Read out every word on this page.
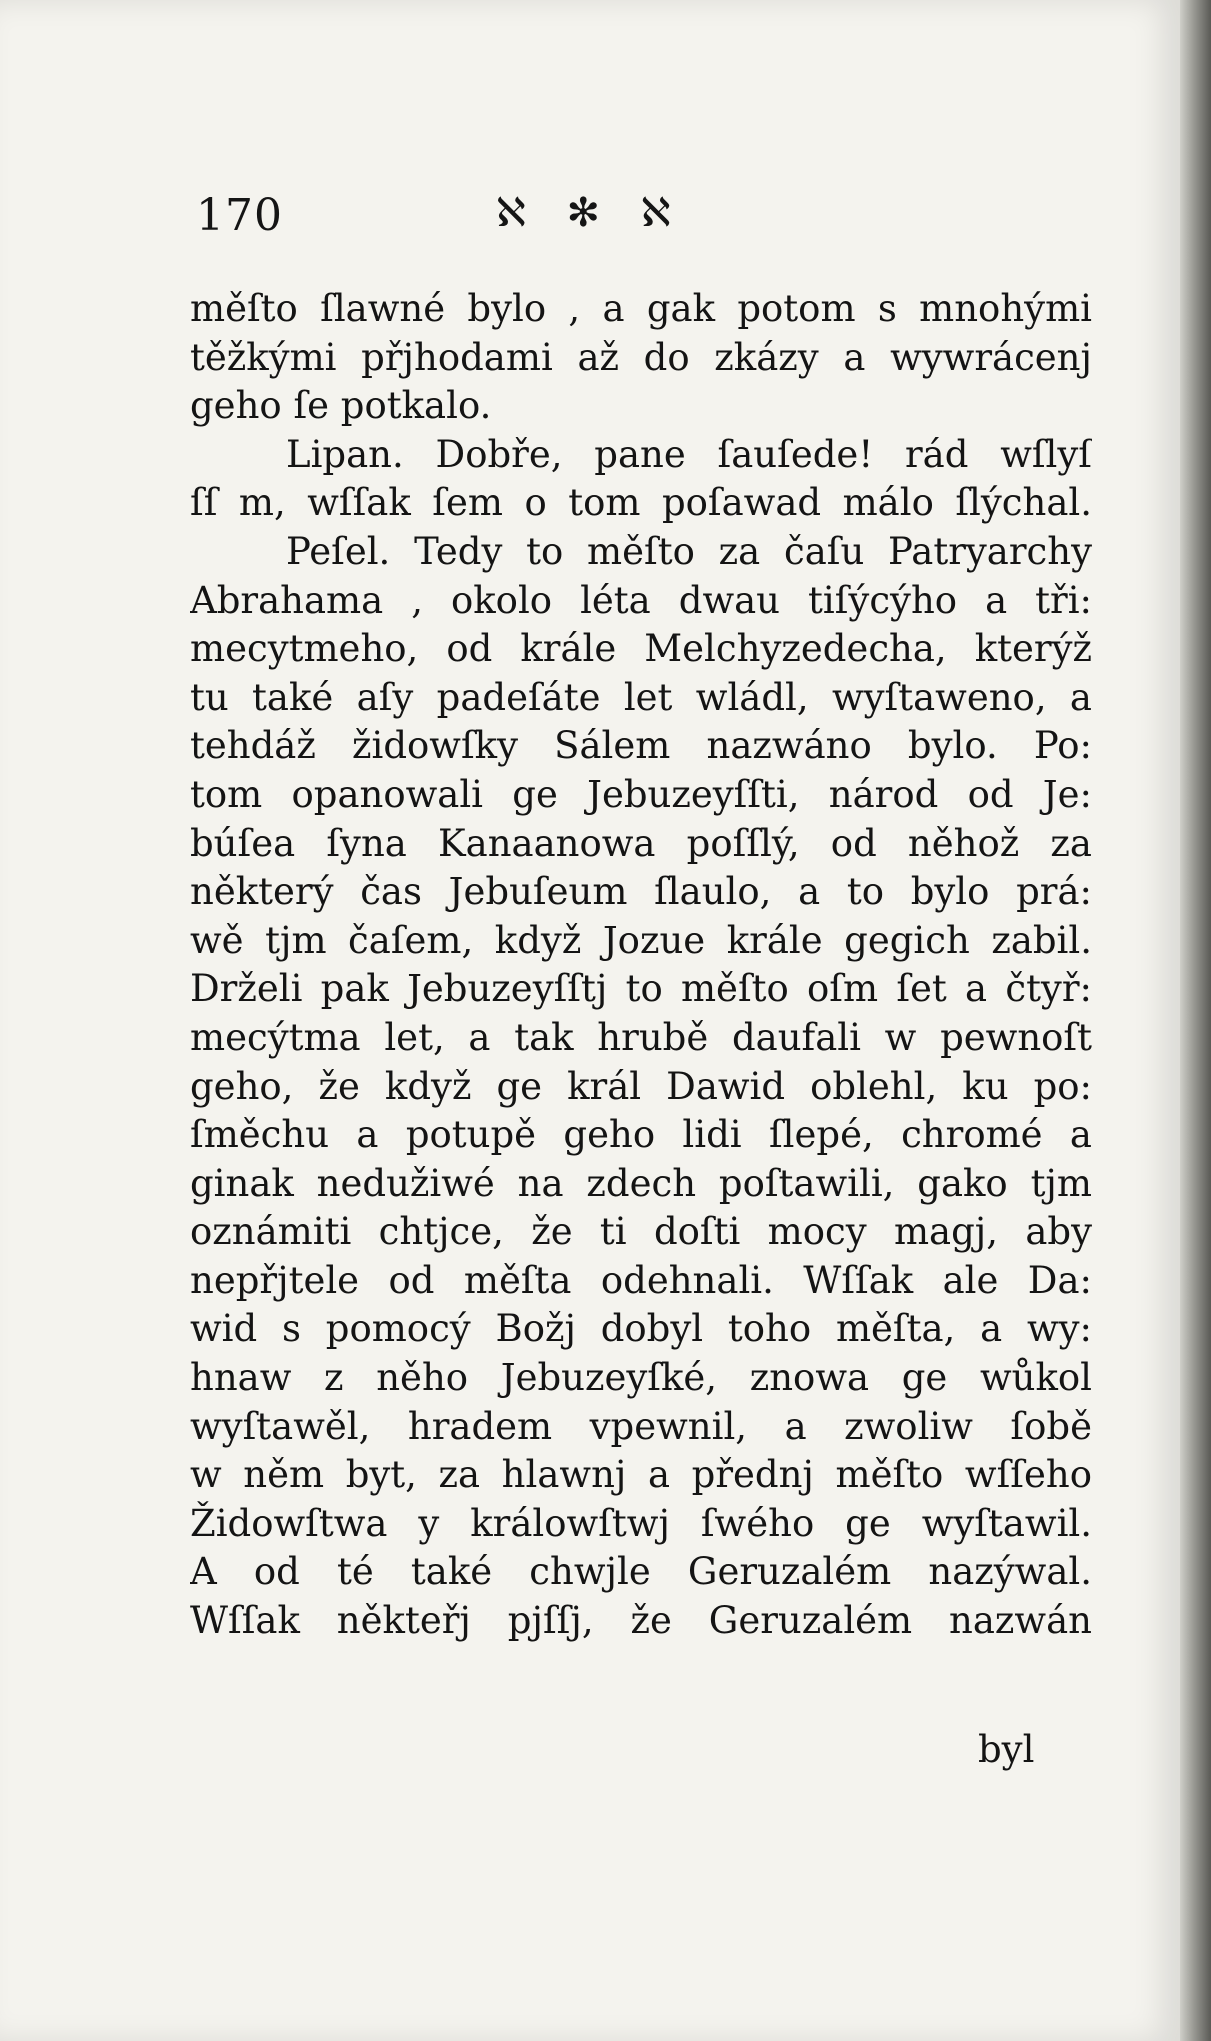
170	ℵ ✻ ℵ
měſto ſlawné bylo , a gak potom s mnohými
těžkými přjhodami až do zkázy a wywrácenj
geho ſe potkalo.
Lipan. Dobře, pane ſauſede! rád wſlyſ
ſſ m, wſſak ſem o tom poſawad málo ſlýchal.
Peſel. Tedy to měſto za čaſu Patryarchy
Abrahama , okolo léta dwau tiſýcýho a tři:
mecytmeho, od krále Melchyzedecha, kterýž
tu také aſy padeſáte let wládl, wyſtaweno, a
tehdáž židowſky Sálem nazwáno bylo. Po:
tom opanowali ge Jebuzeyſſti, národ od Je:
búſea ſyna Kanaanowa poſſlý, od něhož za
některý čas Jebuſeum ſlaulo, a to bylo prá:
wě tjm čaſem, když Jozue krále gegich zabil.
Drželi pak Jebuzeyſſtj to měſto oſm ſet a čtyř:
mecýtma let, a tak hrubě daufali w pewnoſt
geho, že když ge král Dawid oblehl, ku po:
ſměchu a potupě geho lidi ſlepé, chromé a
ginak nedužiwé na zdech poſtawili, gako tjm
oznámiti chtjce, že ti doſti mocy magj, aby
nepřjtele od měſta odehnali. Wſſak ale Da:
wid s pomocý Božj dobyl toho měſta, a wy:
hnaw z něho Jebuzeyſké, znowa ge wůkol
wyſtawěl, hradem vpewnil, a zwoliw ſobě
w něm byt, za hlawnj a přednj měſto wſſeho
Židowſtwa y králowſtwj ſwého ge wyſtawil.
A od té také chwjle Geruzalém nazýwal.
Wſſak někteřj pjſſj, že Geruzalém nazwán
byl
